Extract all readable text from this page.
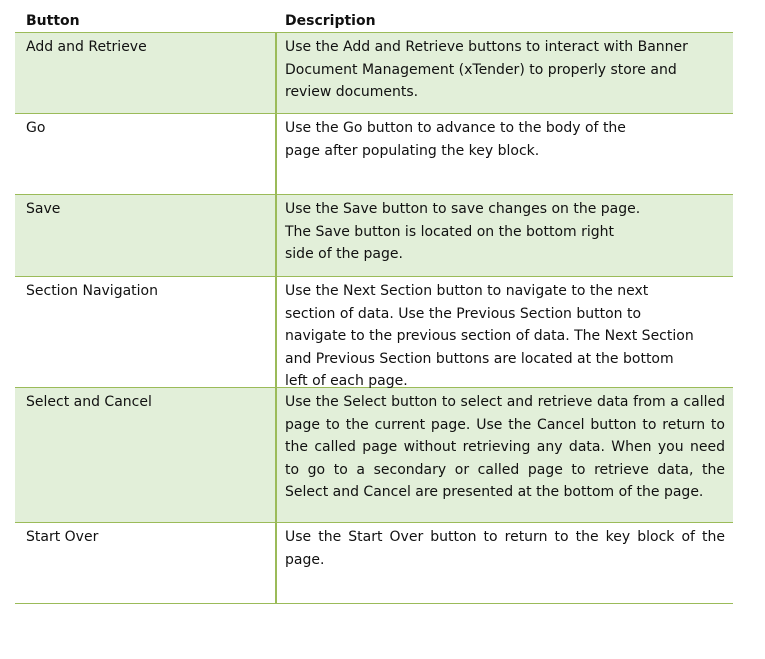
Button	Description
Add and Retrieve	Use the Add and Retrieve buttons to interact with Banner
Document Management (xTender) to properly store and
review documents.
Go	Use the Go button to advance to the body of the
page after populating the key block.
Save	Use the Save button to save changes on the page.
The Save button is located on the bottom right
side of the page.
Section Navigation	Use the Next Section button to navigate to the next
section of data. Use the Previous Section button to
navigate to the previous section of data. The Next Section
and Previous Section buttons are located at the bottom
left of each page.
Select and Cancel	Use the Select button to select and retrieve data from a called page to the current page. Use the Cancel button to return to the called page without retrieving any data. When you need to go to a secondary or called page to retrieve data, the Select and Cancel are presented at the bottom of the page.
Start Over	Use the Start Over button to return to the key block of the page.
